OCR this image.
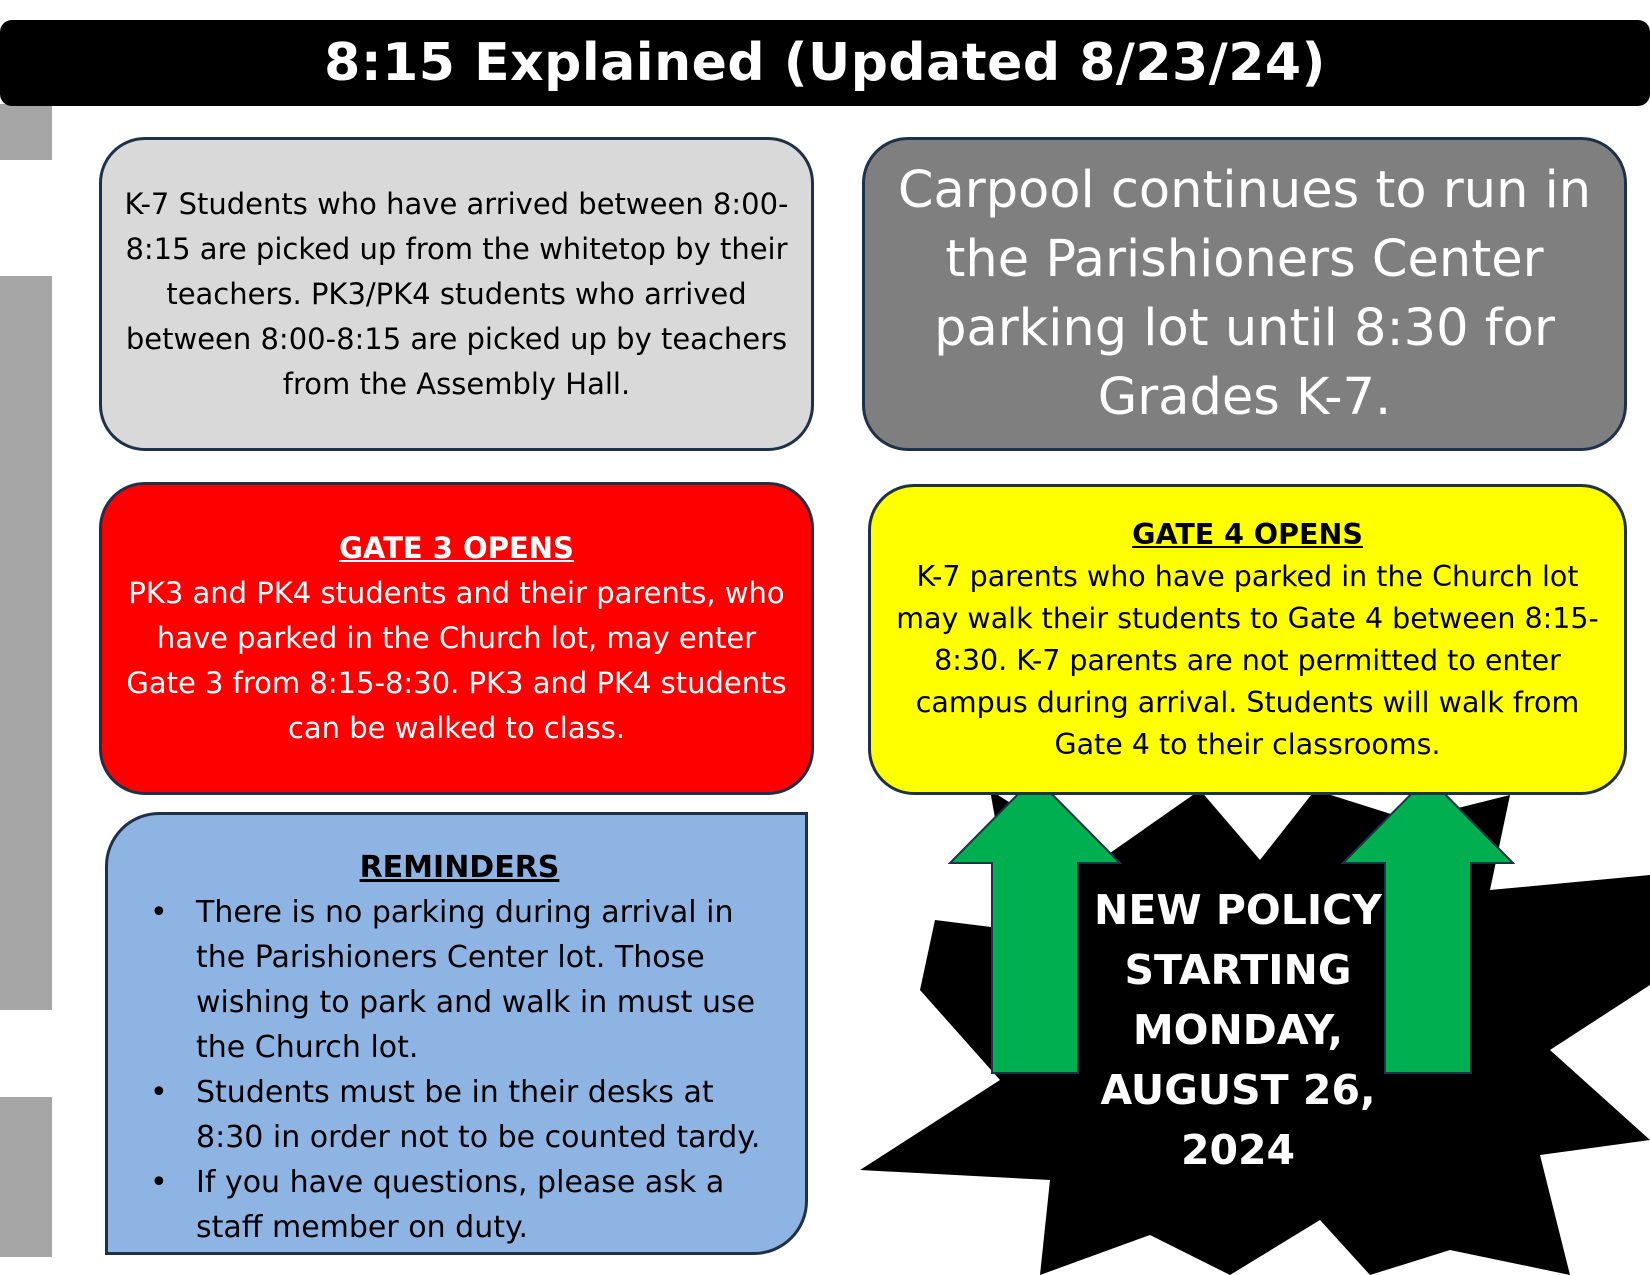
8:15 Explained (Updated 8/23/24)

K-7 Students who have arrived between 8:00-8:15 are picked up from the whitetop by their teachers. PK3/PK4 students who arrived between 8:00-8:15 are picked up by teachers from the Assembly Hall.

Carpool continues to run in the Parishioners Center parking lot until 8:30 for Grades K-7.

GATE 3 OPENS

PK3 and PK4 students and their parents, who have parked in the Church lot, may enter Gate 3 from 8:15-8:30. PK3 and PK4 students can be walked to class.

GATE 4 OPENS

K-7 parents who have parked in the Church lot may walk their students to Gate 4 between 8:15-8:30. K-7 parents are not permitted to enter campus during arrival. Students will walk from Gate 4 to their classrooms.

REMINDERS
• There is no parking during arrival in the Parishioners Center lot. Those wishing to park and walk in must use the Church lot.
• Students must be in their desks at 8:30 in order not to be counted tardy.
• If you have questions, please ask a staff member on duty.
NEW POLICY
STARTING
MONDAY,
AUGUST 26,
2024
